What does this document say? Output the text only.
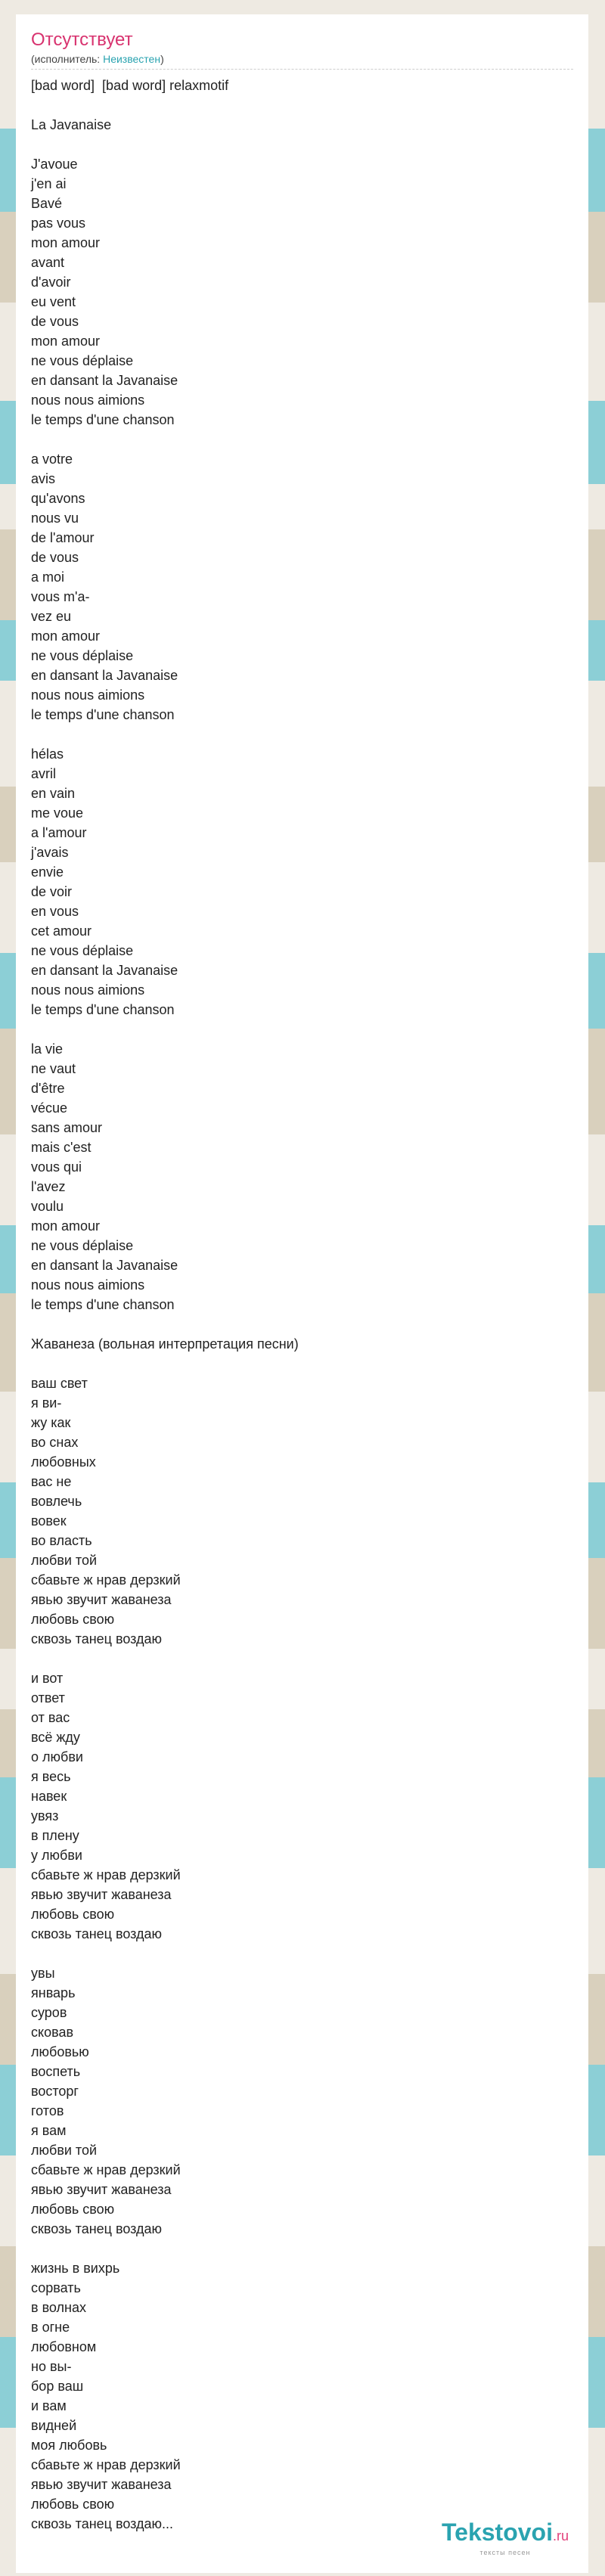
Отсутствует
(исполнитель: Неизвестен)
[bad word]  [bad word] relaxmotif

La Javanaise

J'avoue
j'en ai
Bavé
pas vous
mon amour
avant
d'avoir
eu vent
de vous
mon amour
ne vous déplaise
en dansant la Javanaise
nous nous aimions
le temps d'une chanson

a votre
avis
qu'avons
nous vu
de l'amour
de vous
a moi
vous m'a-
vez eu
mon amour
ne vous déplaise
en dansant la Javanaise
nous nous aimions
le temps d'une chanson

hélas
avril
en vain
me voue
a l'amour
j'avais
envie
de voir
en vous
cet amour
ne vous déplaise
en dansant la Javanaise
nous nous aimions
le temps d'une chanson

la vie
ne vaut
d'être
vécue
sans amour
mais c'est
vous qui
l'avez
voulu
mon amour
ne vous déplaise
en dansant la Javanaise
nous nous aimions
le temps d'une chanson

Жаванеза (вольная интерпретация песни)

ваш свет
я ви-
жу как
во снах
любовных
вас не
вовлечь
вовек
во власть
любви той
сбавьте ж нрав дерзкий
явью звучит жаванеза
любовь свою
сквозь танец воздаю

и вот
ответ
от вас
всё жду
о любви
я весь
навек
увяз
в плену
у любви
сбавьте ж нрав дерзкий
явью звучит жаванеза
любовь свою
сквозь танец воздаю

увы
январь
суров
сковав
любовью
воспеть
восторг
готов
я вам
любви той
сбавьте ж нрав дерзкий
явью звучит жаванеза
любовь свою
сквозь танец воздаю

жизнь в вихрь
сорвать
в волнах
в огне
любовном
но вы-
бор ваш
и вам
видней
моя любовь
сбавьте ж нрав дерзкий
явью звучит жаванеза
любовь свою
сквозь танец воздаю...	Tekstovoi.ru
тексты песен
